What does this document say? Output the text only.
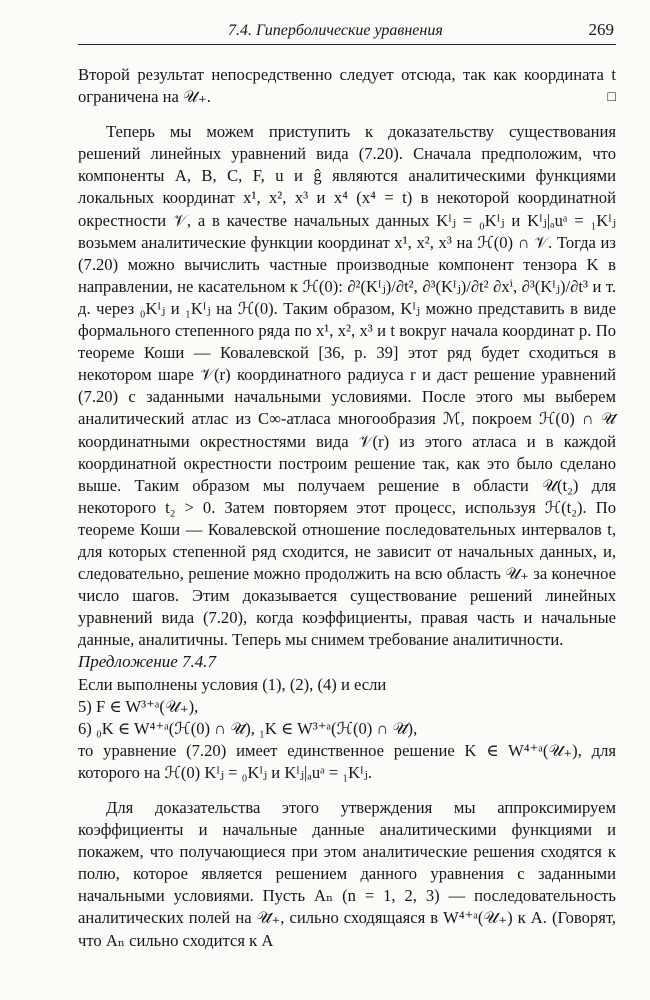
7.4. Гиперболические уравнения	269

Второй результат непосредственно следует отсюда, так как координата t ограничена на 𝒰₊.	□

Теперь мы можем приступить к доказательству существования решений линейных уравнений вида (7.20). Сначала предположим, что компоненты A, B, C, F, u и ĝ являются аналитическими функциями локальных координат x¹, x², x³ и x⁴ (x⁴ = t) в некоторой координатной окрестности 𝒱, а в качестве начальных данных Kᴵⱼ = ₀Kᴵⱼ и Kᴵⱼ|ₐuᵃ = ₁Kᴵⱼ возьмем аналитические функции координат x¹, x², x³ на ℋ(0) ∩ 𝒱. Тогда из (7.20) можно вычислить частные производные компонент тензора K в направлении, не касательном к ℋ(0): ∂²(Kᴵⱼ)/∂t², ∂³(Kᴵⱼ)/∂t² ∂xⁱ, ∂³(Kᴵⱼ)/∂t³ и т. д. через ₀Kᴵⱼ и ₁Kᴵⱼ на ℋ(0). Таким образом, Kᴵⱼ можно представить в виде формального степенного ряда по x¹, x², x³ и t вокруг начала координат p. По теореме Коши — Ковалевской [36, р. 39] этот ряд будет сходиться в некотором шаре 𝒱(r) координатного радиуса r и даст решение уравнений (7.20) с заданными начальными условиями. После этого мы выберем аналитический атлас из C∞-атласа многообразия ℳ, покроем ℋ(0) ∩ 𝒰̄ координатными окрестностями вида 𝒱(r) из этого атласа и в каждой координатной окрестности построим решение так, как это было сделано выше. Таким образом мы получаем решение в области 𝒰(t₂) для некоторого t₂ > 0. Затем повторяем этот процесс, используя ℋ(t₂). По теореме Коши — Ковалевской отношение последовательных интервалов t, для которых степенной ряд сходится, не зависит от начальных данных, и, следовательно, решение можно продолжить на всю область 𝒰₊ за конечное число шагов. Этим доказывается существование решений линейных уравнений вида (7.20), когда коэффициенты, правая часть и начальные данные, аналитичны. Теперь мы снимем требование аналитичности.

Предложение 7.4.7

Если выполнены условия (1), (2), (4) и если

5) F ∈ W³⁺ᵃ(𝒰₊),

6) ₀K ∈ W⁴⁺ᵃ(ℋ(0) ∩ 𝒰̄), ₁K ∈ W³⁺ᵃ(ℋ(0) ∩ 𝒰̄),

то уравнение (7.20) имеет единственное решение K ∈ W⁴⁺ᵃ(𝒰₊), для которого на ℋ(0) Kᴵⱼ = ₀Kᴵⱼ и Kᴵⱼ|ₐuᵃ = ₁Kᴵⱼ.

Для доказательства этого утверждения мы аппроксимируем коэффициенты и начальные данные аналитическими функциями и покажем, что получающиеся при этом аналитические решения сходятся к полю, которое является решением данного уравнения с заданными начальными условиями. Пусть Aₙ (n = 1, 2, 3) — последовательность аналитических полей на 𝒰̄₊, сильно сходящаяся в W⁴⁺ᵃ(𝒰₊) к A. (Говорят, что Aₙ сильно сходится к A
